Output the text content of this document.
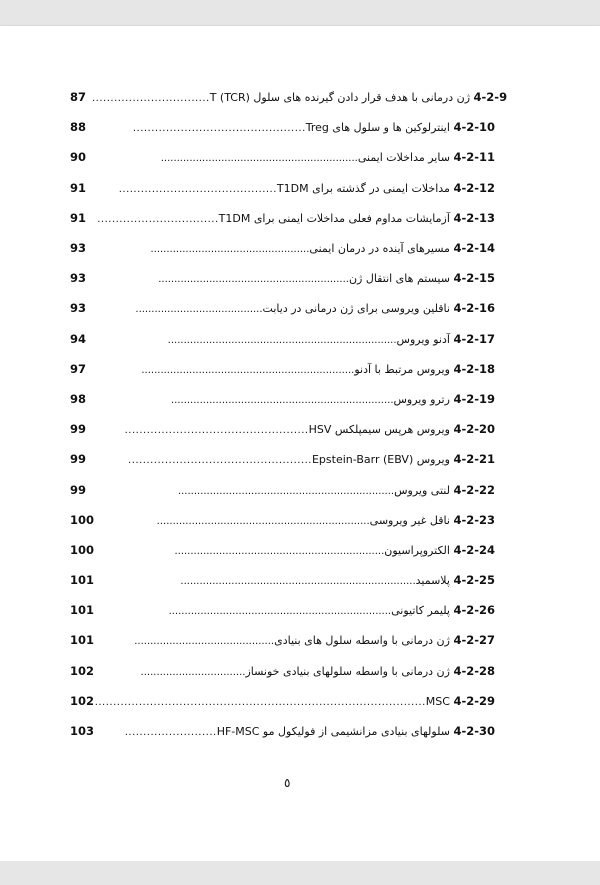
87	4-2-9 ژن درمانی با هدف قرار دادن گیرنده های سلول T (TCR)................................
88	4-2-10 اینترلوکین ها و سلول های Treg...............................................
90	4-2-11 سایر مداخلات ایمنی..............................................................
91	4-2-12 مداخلات ایمنی در گذشته برای T1DM...........................................
91	4-2-13 آزمایشات مداوم فعلی مداخلات ایمنی برای T1DM.................................
93	4-2-14 مسیرهای آینده در درمان ایمنی..................................................
93	4-2-15 سیستم های انتقال ژن............................................................
93	4-2-16 ناقلین ویروسی برای ژن درمانی در دیابت........................................
94	4-2-17 آدنو ویروس........................................................................
97	4-2-18 ویروس مرتبط با آدنو...................................................................
98	4-2-19 رترو ویروس......................................................................
99	4-2-20 ویروس هرپس سیمپلکس HSV..................................................
99	4-2-21 ویروس Epstein-Barr (EBV)..................................................
99	4-2-22 لنتی ویروس....................................................................
100	4-2-23 ناقل غیر ویروسی...................................................................
100	4-2-24 الکتروپراسیون..................................................................
101	4-2-25 پلاسمید..........................................................................
101	4-2-26 پلیمر کاتیونی......................................................................
101	4-2-27 ژن درمانی با واسطه سلول های بنیادی............................................
102	4-2-28 ژن درمانی با واسطه سلولهای بنیادی خونساز.................................
102	4-2-29 MSC..........................................................................................
103	4-2-30 سلولهای بنیادی مزانشیمی از فولیکول مو HF-MSC.........................
٥
